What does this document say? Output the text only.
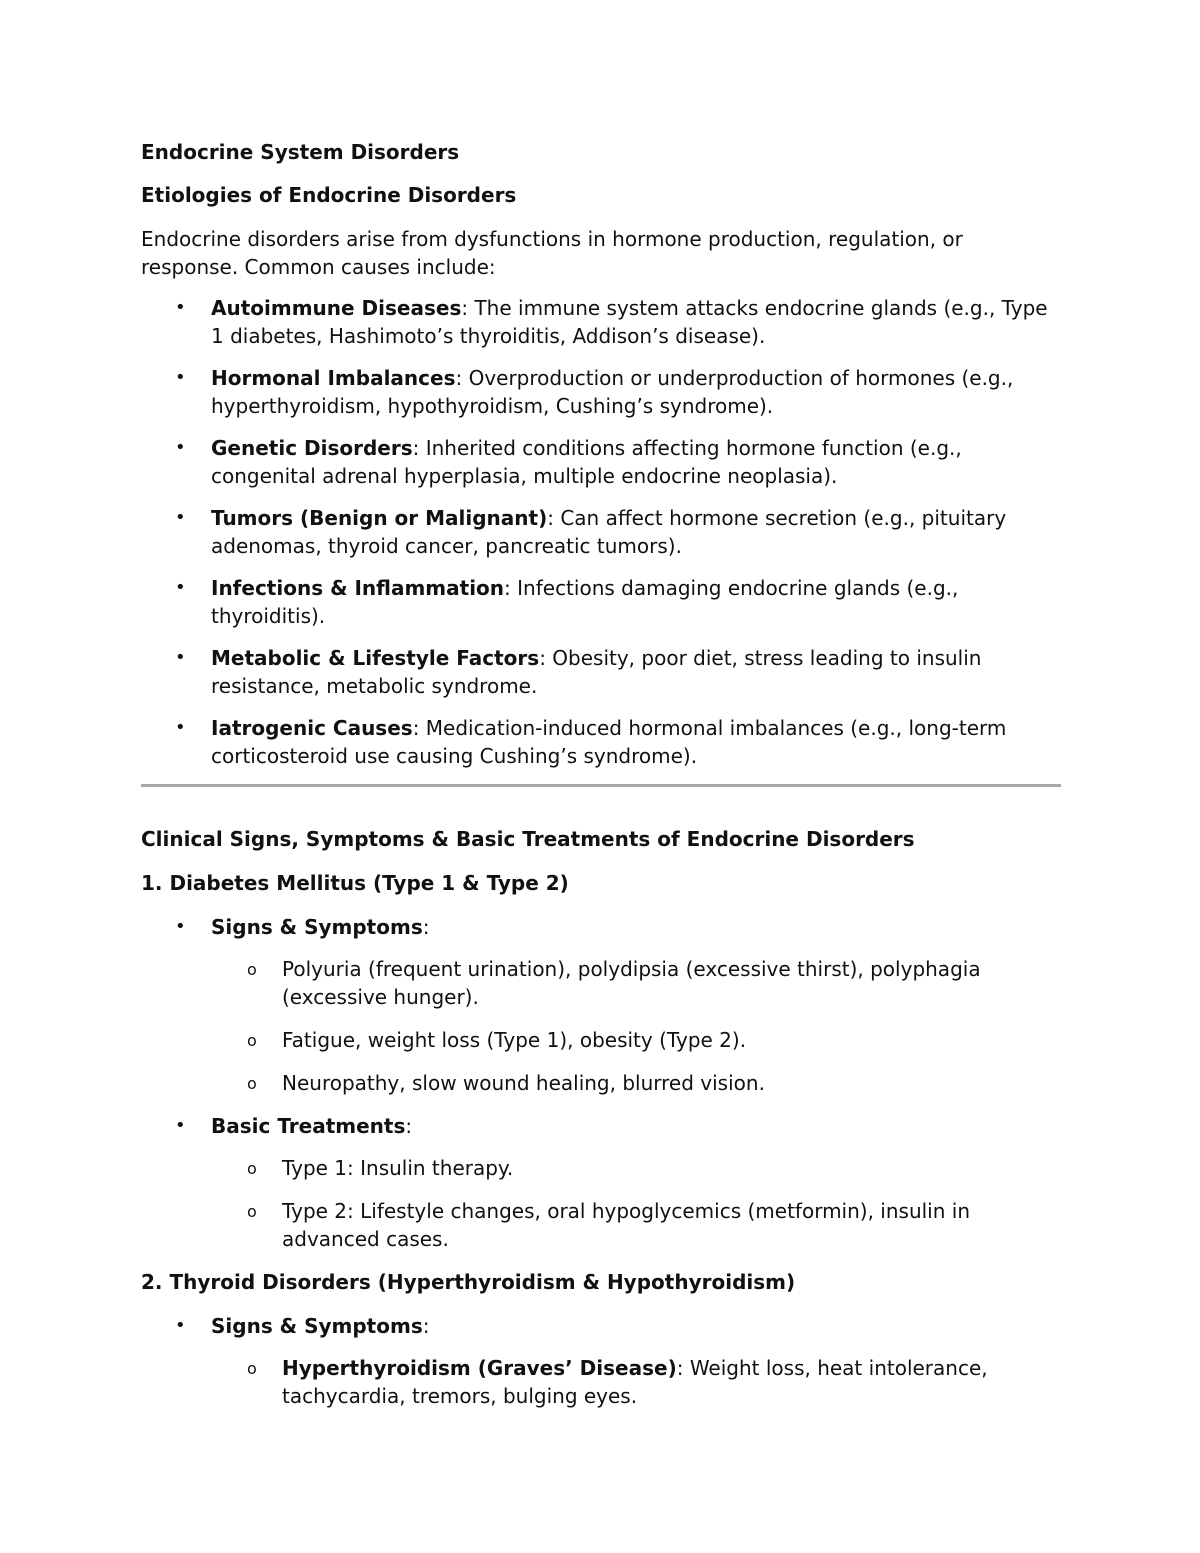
Endocrine System Disorders

Etiologies of Endocrine Disorders

Endocrine disorders arise from dysfunctions in hormone production, regulation, or response. Common causes include:

• Autoimmune Diseases: The immune system attacks endocrine glands (e.g., Type 1 diabetes, Hashimoto’s thyroiditis, Addison’s disease).
• Hormonal Imbalances: Overproduction or underproduction of hormones (e.g., hyperthyroidism, hypothyroidism, Cushing’s syndrome).
• Genetic Disorders: Inherited conditions affecting hormone function (e.g., congenital adrenal hyperplasia, multiple endocrine neoplasia).
• Tumors (Benign or Malignant): Can affect hormone secretion (e.g., pituitary adenomas, thyroid cancer, pancreatic tumors).
• Infections & Inflammation: Infections damaging endocrine glands (e.g., thyroiditis).
• Metabolic & Lifestyle Factors: Obesity, poor diet, stress leading to insulin resistance, metabolic syndrome.
• Iatrogenic Causes: Medication-induced hormonal imbalances (e.g., long-term corticosteroid use causing Cushing’s syndrome).

Clinical Signs, Symptoms & Basic Treatments of Endocrine Disorders

1. Diabetes Mellitus (Type 1 & Type 2)

• Signs & Symptoms:
o Polyuria (frequent urination), polydipsia (excessive thirst), polyphagia (excessive hunger).
o Fatigue, weight loss (Type 1), obesity (Type 2).
o Neuropathy, slow wound healing, blurred vision.
• Basic Treatments:
o Type 1: Insulin therapy.
o Type 2: Lifestyle changes, oral hypoglycemics (metformin), insulin in advanced cases.

2. Thyroid Disorders (Hyperthyroidism & Hypothyroidism)

• Signs & Symptoms:
o Hyperthyroidism (Graves’ Disease): Weight loss, heat intolerance, tachycardia, tremors, bulging eyes.
